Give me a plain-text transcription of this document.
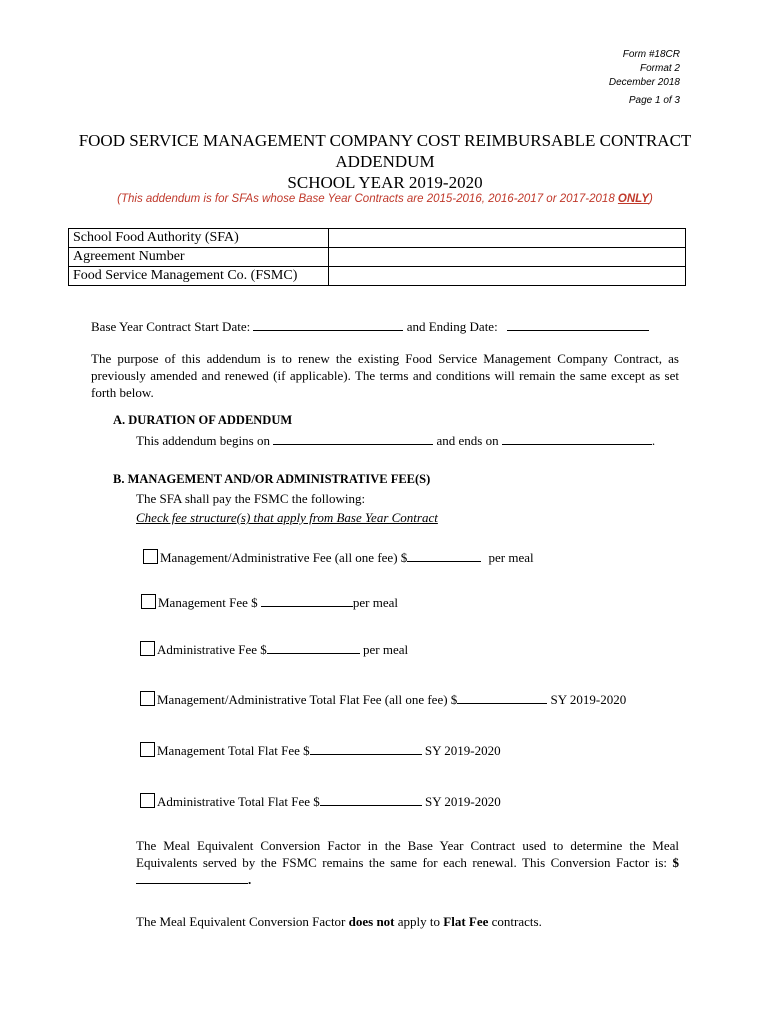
Form #18CR
Format 2
December 2018
Page 1 of 3
FOOD SERVICE MANAGEMENT COMPANY COST REIMBURSABLE CONTRACT
ADDENDUM
SCHOOL YEAR 2019-2020
(This addendum is for SFAs whose Base Year Contracts are 2015-2016, 2016-2017 or 2017-2018 ONLY)
School Food Authority (SFA)	
Agreement Number	
Food Service Management Co. (FSMC)	
Base Year Contract Start Date:	and Ending Date:
The purpose of this addendum is to renew the existing Food Service Management Company Contract, as previously amended and renewed (if applicable). The terms and conditions will remain the same except as set forth below.
A. DURATION OF ADDENDUM
This addendum begins on	and ends on	.
B. MANAGEMENT AND/OR ADMINISTRATIVE FEE(S)
The SFA shall pay the FSMC the following:
Check fee structure(s) that apply from Base Year Contract
Management/Administrative Fee (all one fee) $	per meal
Management Fee $	per meal
Administrative Fee $	per meal
Management/Administrative Total Flat Fee (all one fee) $	SY 2019-2020
Management Total Flat Fee $	SY 2019-2020
Administrative Total Flat Fee $	SY 2019-2020
The Meal Equivalent Conversion Factor in the Base Year Contract used to determine the Meal Equivalents served by the FSMC remains the same for each renewal. This Conversion Factor is: $.
The Meal Equivalent Conversion Factor does not apply to Flat Fee contracts.
